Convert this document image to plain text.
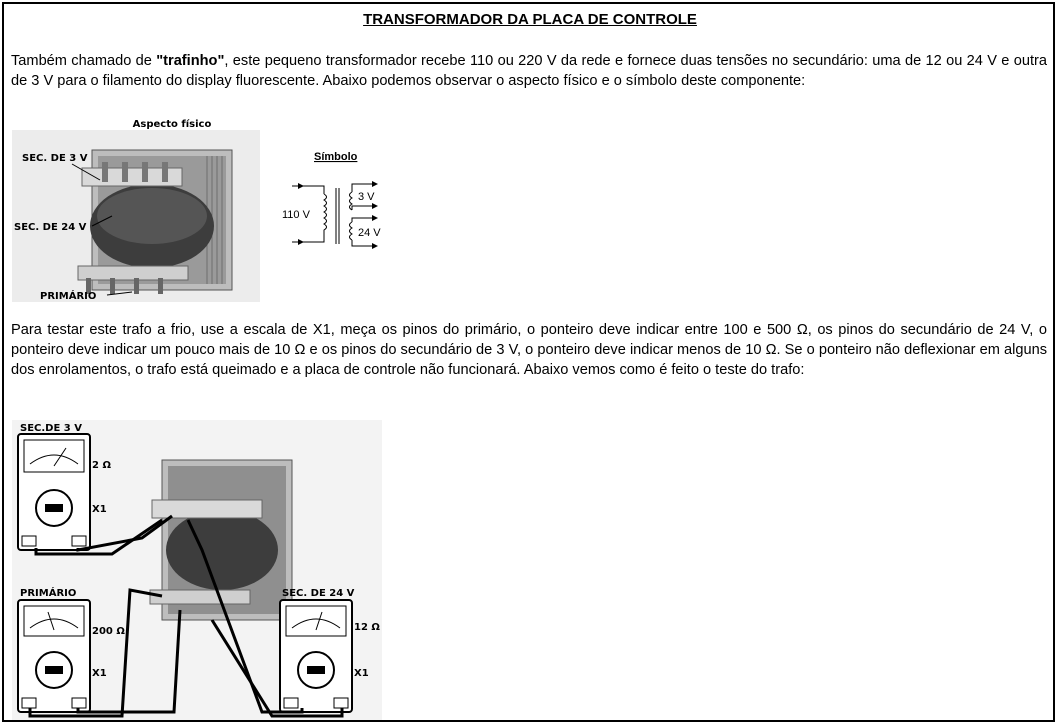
TRANSFORMADOR DA PLACA DE CONTROLE
Também chamado de "trafinho", este pequeno transformador recebe 110 ou 220 V da rede e fornece duas tensões no secundário: uma de 12 ou 24 V e outra de 3 V para o filamento do display fluorescente. Abaixo podemos observar o aspecto físico e o símbolo deste componente:
Aspecto físico
SEC. DE 3 V
SEC. DE 24 V
PRIMÁRIO
Símbolo
110 V
3 V
24 V
Para testar este trafo a frio, use a escala de X1, meça os pinos do primário, o ponteiro deve indicar entre 100 e 500 Ω, os pinos do secundário de 24 V, o ponteiro deve indicar um pouco mais de 10 Ω e os pinos do secundário de 3 V, o ponteiro deve indicar menos de 10 Ω. Se o ponteiro não deflexionar em alguns dos enrolamentos, o trafo está queimado e a placa de controle não funcionará. Abaixo vemos como é feito o teste do trafo:
SEC.DE 3 V
2 Ω
X1
PRIMÁRIO
200 Ω
X1
SEC. DE 24 V
12 Ω
X1
